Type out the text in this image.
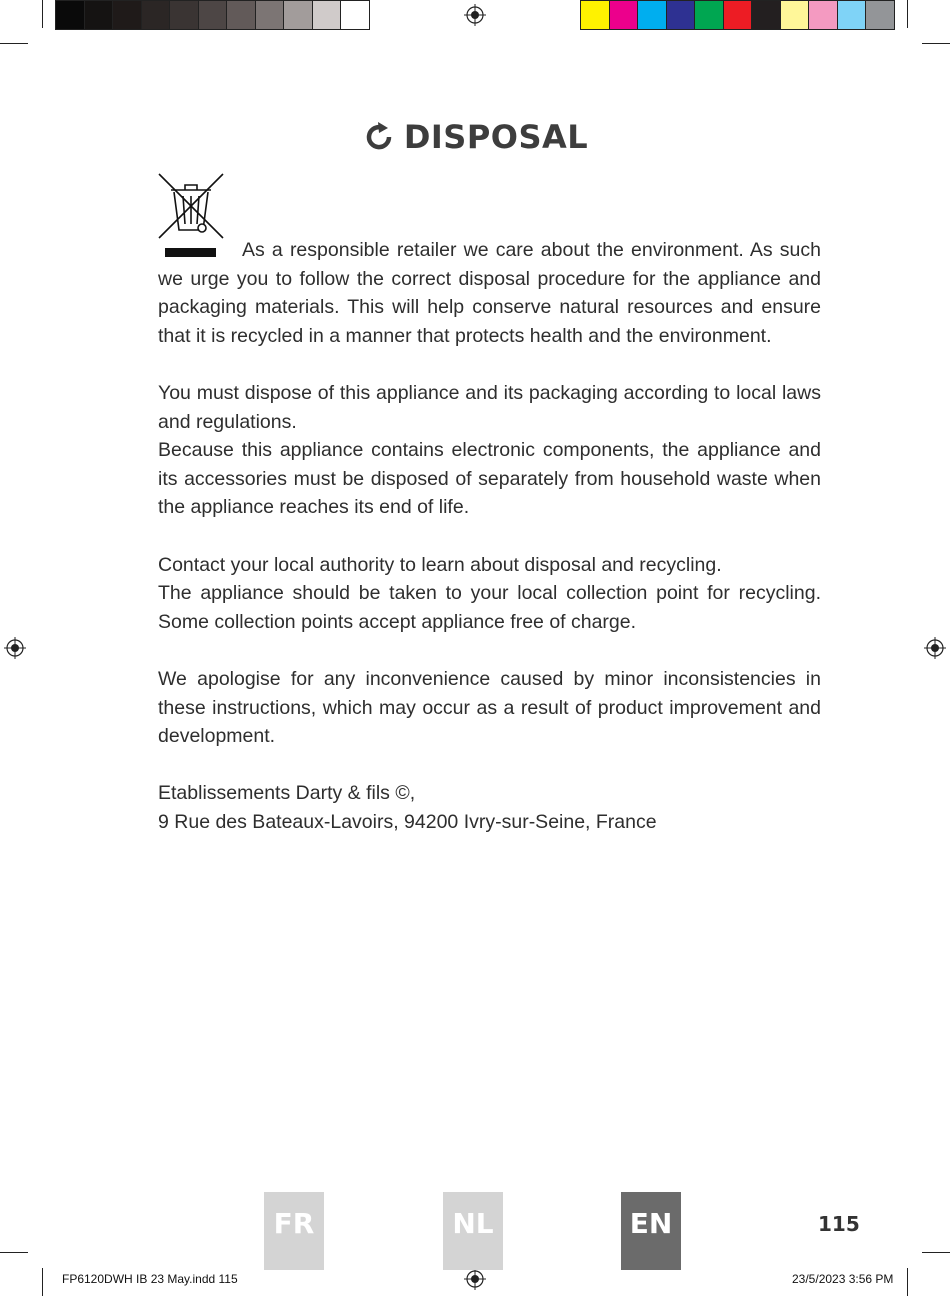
DISPOSAL

As a responsible retailer we care about the environment. As such we urge you to follow the correct disposal procedure for the appliance and packaging materials. This will help conserve natural resources and ensure that it is recycled in a manner that protects health and the environment.

You must dispose of this appliance and its packaging according to local laws and regulations.

Because this appliance contains electronic components, the appliance and its accessories must be disposed of separately from household waste when the appliance reaches its end of life.

Contact your local authority to learn about disposal and recycling.

The appliance should be taken to your local collection point for recycling. Some collection points accept appliance free of charge.

We apologise for any inconvenience caused by minor inconsistencies in these instructions, which may occur as a result of product improvement and development.

Etablissements Darty & fils ©,

9 Rue des Bateaux-Lavoirs, 94200 Ivry-sur-Seine, France

FR	NL	EN	115
FP6120DWH IB 23 May.indd 115	23/5/2023 3:56 PM
